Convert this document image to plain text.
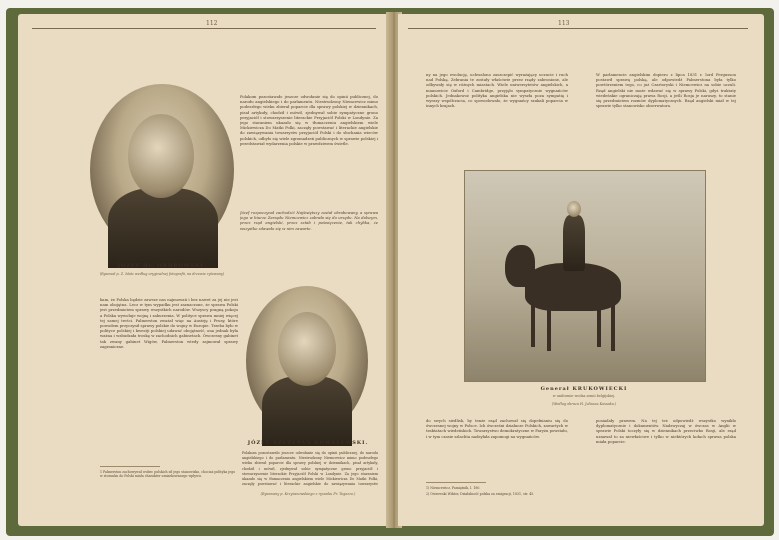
112
JÓZEF Hr. ORDROWSKI.
(Rysował p. Z. Matz według oryginalnej fotografii, na drzewie rytowany)
Polakom pozostawało jeszcze odwołanie się do opinii publicznej, do narodu angielskiego i do parlamentu. Niestrudzony Niemcewicz mimo podeszłego wieku zbierał poparcie dla sprawy polskiej w dziennikach, pisał artykuły, chodził i mówił, zjednywał sobie sympatyczne grono przyjaciół i stowarzyszenie literackie Przyjaciół Polski w Londynie. Za jego staraniem ukazało się w tłumaczeniu angielskiem wiele Mickiewicza Do Matki Polki, zaczęły powstawać i literackie angielskie do zawiązywania towarzystw przyjaciół Polski i do słuchania wieców polskich, odbyło się wiele zgromadzeń publicznych w sprawie polskiej i przedstawiał wydarzenia polskie w prawdziwem świetle.
Józef rozpoczynał zachodzić Najświętszy został obrabowany, a sprawa jego w biurze Zarządu Niemcewicz zabrała się do urzędu. Na dalszym, przez rząd angielski, przez sztab i poświęcenie, tak chybka, że wszystko zdawało się w nim zawarte.
kam, że Polska będzie zawsze nas najmowań i bez nawet za jej nie jest nam obojętna. Lecz w tym wypadku jest zaznaczone, że sprawa Polski jest przedmiotem sprawy wszystkich narodów. Wszyscy pragną pokoju a Polska wywołuje wojnę i zaburzenia. W polityce sprawa mniej więcej tej samej treści. Palmerston zważał więc na Austrję i Prusy, które powodem przyczynił sprawy polskie do wojny w Europie. Trzeba było w polityce polskiej i kwestji polskiej udawać obojętność, ona jednak była ważna i wzbudzała troskę w zachodnich gabinetach. Ówczesny gabinet tak zwany gabinet Wigów, Palmerston wtedy zajmował sprawy zagraniczne.
JÓZEF SZCZEPAN KOWALEWSKI.
Polakom pozostawało jeszcze odwołanie się do opinii publicznej, do narodu angielskiego i do parlamentu. Niestrudzony Niemcewicz mimo podeszłego wieku zbierał poparcie dla sprawy polskiej w dziennikach, pisał artykuły, chodził i mówił, zjednywał sobie sympatyczne grono przyjaciół i stowarzyszenie literackie Przyjaciół Polski w Londynie. Za jego staraniem ukazało się w tłumaczeniu angielskiem wiele Mickiewicza Do Matki Polki, zaczęły powstawać i literackie angielskie do zawiązywania towarzystw
(Rysowany p. Krzyżanowskiego z rysunku Fr. Tegazzo.)
1 Palmerston zachowywał wobec polskich sił jego stanowisko, chociaż polityka jego w stosunku do Polski miała charakter umiarkowanego wpływu.
113
ny na jego ewolucję, uchwalono zaszczepić wyrażający uczucie i ruch nad Polską. Zebrania te zostały właściwie przez rządy zabronione, ale odbywały się w różnych miastach. Wiele uniwersytetów angielskich, a mianowicie Oxford i Cambridge, przyjęło sympatycznie wygnańców polskich. Jednakowoż polityka angielska nie wyszła poza sympatię i wyrazy współczucia, co spowodowało, że wygnańcy szukali poparcia w innych krajach.
W parlamencie angielskim dopiero z lipca 1831 r. lord Fergusson postawił sprawę polską, ale odpowiedź Palmerstona była tylko powtórzeniem tego, co już Czartoryski i Niemcewicz na sobie uczuli. Rząd angielski nie może wdawać się w sprawy Polski, gdyż traktaty wiedeńskie ograniczają prawa Rosji, a jeśli Rosja je naruszy, to stanie się przedmiotem rozmów dyplomatycznych. Rząd angielski miał w tej sprawie tylko stanowisko obserwatora.
Generał KRUKOWIECKI
w uniformie wodza armii belgijskiej.
(Według obrazu H. Juliusza Kossaka.)
do swych siedlisk, by tenże rząd zachował się dopełnianiu się do ówczesnej wojny w Polsce. Ich ówcześni działacze Polskich, zawartych w traktatach wiedeńskich. Towarzystwo demokratyczne w Paryżu powstało, i w tym czasie szlachta nadsyłała zapomogi na wygnańców.
posiadały prawem. Na tej też odpowiedź wszystko wynikło dyplomatycznie i dokumentów. Nadzwyczaj w ówczas w Anglii w sprawie Polski toczyły się w dziennikach przeciwko Rosji, ale rząd uznawał to za niewłaściwe i tylko w niektórych kołach sprawa polska miała poparcie.
1) Niemcewicz, Pamiętnik, I. 180.
2) Ostrowski Wiktor, Działalność polska za emigracji, 1831, str. 45.
